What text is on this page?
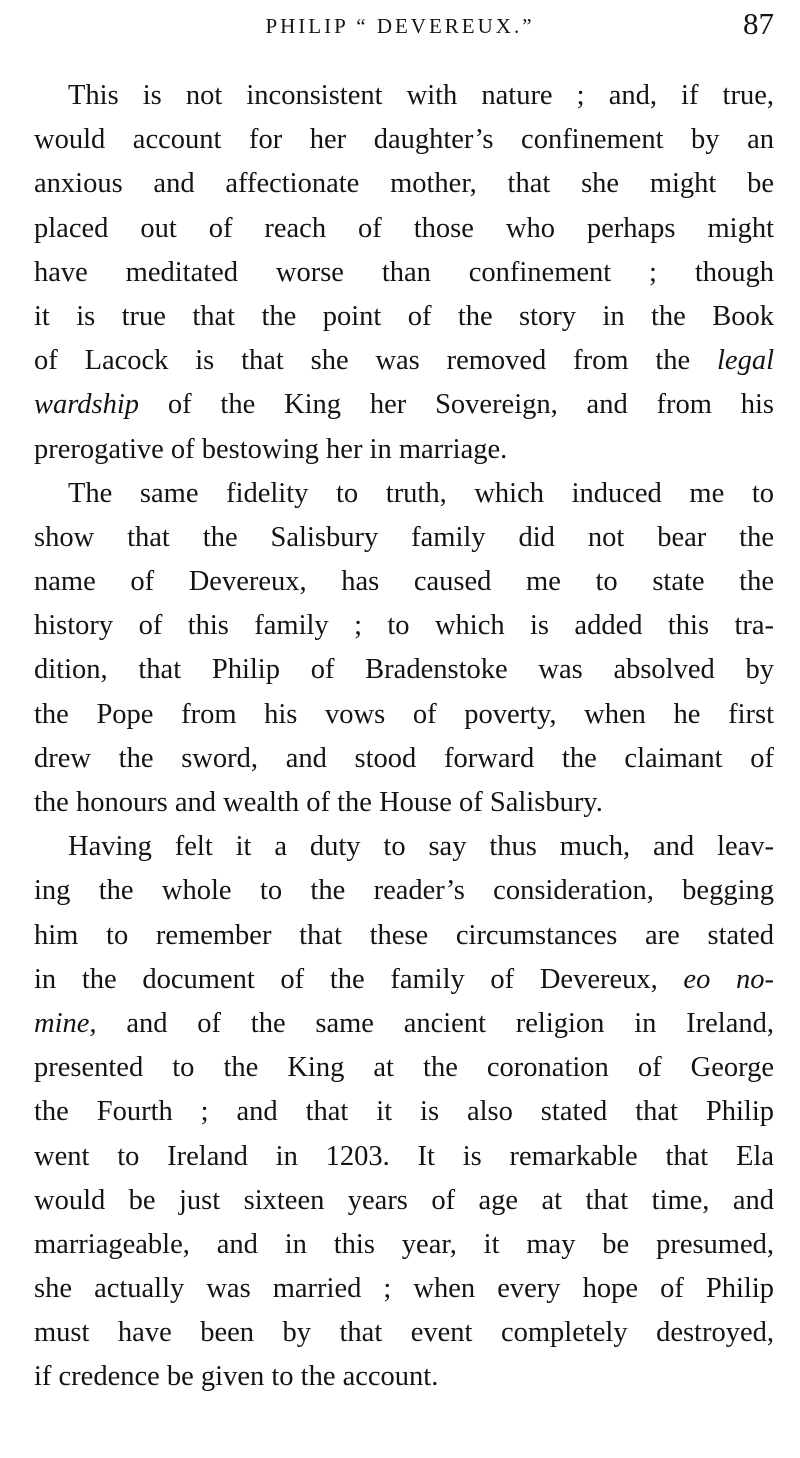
PHILIP “ DEVEREUX.”	87
This is not inconsistent with nature ; and, if true,
would account for her daughter’s confinement by an
anxious and affectionate mother, that she might be
placed out of reach of those who perhaps might
have meditated worse than confinement ; though
it is true that the point of the story in the Book
of Lacock is that she was removed from the legal
wardship of the King her Sovereign, and from his
prerogative of bestowing her in marriage.
The same fidelity to truth, which induced me to
show that the Salisbury family did not bear the
name of Devereux, has caused me to state the
history of this family ; to which is added this tra-
dition, that Philip of Bradenstoke was absolved by
the Pope from his vows of poverty, when he first
drew the sword, and stood forward the claimant of
the honours and wealth of the House of Salisbury.
Having felt it a duty to say thus much, and leav-
ing the whole to the reader’s consideration, begging
him to remember that these circumstances are stated
in the document of the family of Devereux, eo no-
mine, and of the same ancient religion in Ireland,
presented to the King at the coronation of George
the Fourth ; and that it is also stated that Philip
went to Ireland in 1203. It is remarkable that Ela
would be just sixteen years of age at that time, and
marriageable, and in this year, it may be presumed,
she actually was married ; when every hope of Philip
must have been by that event completely destroyed,
if credence be given to the account.
